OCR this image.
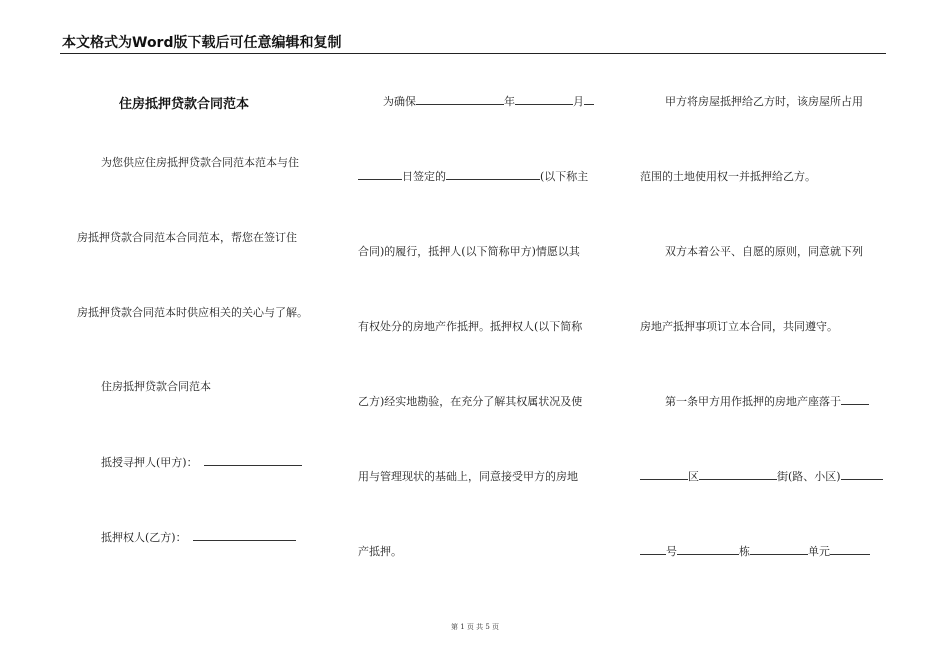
本文格式为Word版下载后可任意编辑和复制
住房抵押贷款合同范本
为您供应住房抵押贷款合同范本范本与住
房抵押贷款合同范本合同范本，帮您在签订住
房抵押贷款合同范本时供应相关的关心与了解。
住房抵押贷款合同范本
抵授寻押人(甲方)：
抵押权人(乙方)：
为确保	年	月
日签定的	(以下称主
合同)的履行，抵押人(以下简称甲方)情愿以其
有权处分的房地产作抵押。抵押权人(以下简称
乙方)经实地勘验，在充分了解其权属状况及使
用与管理现状的基础上，同意接受甲方的房地
产抵押。
甲方将房屋抵押给乙方时，该房屋所占用
范围的土地使用权一并抵押给乙方。
双方本着公平、自愿的原则，同意就下列
房地产抵押事项订立本合同，共同遵守。
第一条甲方用作抵押的房地产座落于
区	街(路、小区)
号	栋	单元
第 1 页 共 5 页
